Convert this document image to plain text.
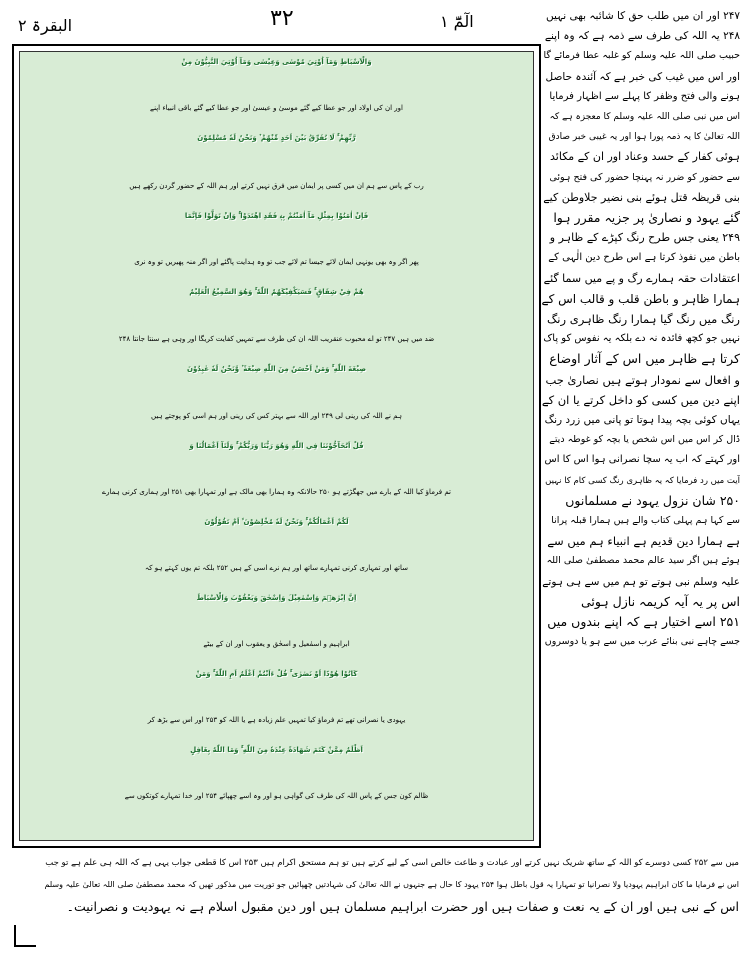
البقرۃ ۲	۳۲	الٓمّٓ ۱
وَالْاَسْبَاطِ وَمَآ اُوْتِيَ مُوْسٰى وَعِيْسٰى وَمَآ اُوْتِيَ النَّبِيُّوْنَ مِنْ
اور ان کی اولاد اور جو عطا کیے گئے موسیٰ و عیسیٰ اور جو عطا کیے گئے باقی انبیاء اپنے
رَّبِّهِمْ ۚ لَا نُفَرِّقُ بَيْنَ اَحَدٍ مِّنْهُمْ ۫ وَنَحْنُ لَهٗ مُسْلِمُوْنَ
رب کے پاس سے ہم ان میں کسی پر ایمان میں فرق نہیں کرتے اور ہم اللہ کے حضور گردن رکھے ہیں
فَاِنْ اٰمَنُوْا بِمِثْلِ مَآ اٰمَنْتُمْ بِهٖ فَقَدِ اهْتَدَوْا ۚ وَاِنْ تَوَلَّوْا فَاِنَّمَا
پھر اگر وہ بھی یونہی ایمان لائے جیسا تم لائے جب تو وہ ہدایت پاگئے اور اگر منہ پھیریں تو وہ نری
هُمْ فِيْ شِقَاقٍ ۚ فَسَيَكْفِيْكَهُمُ اللّٰهُ ۚ وَهُوَ السَّمِيْعُ الْعَلِيْمُ
ضد میں ہیں ۲۴۷ تو اے محبوب عنقریب اللہ ان کی طرف سے تمہیں کفایت کریگا اور وہی ہے سنتا جانتا ۲۴۸
صِبْغَةَ اللّٰهِ ۚ وَمَنْ اَحْسَنُ مِنَ اللّٰهِ صِبْغَةً ۫ وَّنَحْنُ لَهٗ عٰبِدُوْنَ
ہم نے اللہ کی رینی لی ۲۴۹ اور اللہ سے بہتر کس کی رینی اور ہم اسی کو پوجتے ہیں
قُلْ اَتُحَآجُّوْنَنَا فِي اللّٰهِ وَهُوَ رَبُّنَا وَرَبُّكُمْ ۚ وَلَنَآ اَعْمَالُنَا وَ
تم فرماؤ کیا اللہ کے بارے میں جھگڑتے ہو ۲۵۰ حالانکہ وہ ہمارا بھی مالک ہے اور تمہارا بھی ۲۵۱ اور ہماری کرنی ہمارے
لَكُمْ اَعْمَالُكُمْ ۚ وَنَحْنُ لَهٗ مُخْلِصُوْنَ ۙ اَمْ تَقُوْلُوْنَ
ساتھ اور تمہاری کرنی تمہارے ساتھ اور ہم نرے اسی کے ہیں ۲۵۲ بلکہ تم یوں کہتے ہو کہ
اِنَّ اِبْرٰهٖمَ وَاِسْمٰعِيْلَ وَاِسْحٰقَ وَيَعْقُوْبَ وَالْاَسْبَاطَ
ابراہیم و اسمٰعیل و اسحٰق و یعقوب اور ان کے بیٹے
كَانُوْا هُوْدًا اَوْ نَصٰرٰى ۚ قُلْ ءَاَنْتُمْ اَعْلَمُ اَمِ اللّٰهُ ۚ وَمَنْ
یہودی یا نصرانی تھے تم فرماؤ کیا تمہیں علم زیادہ ہے یا اللہ کو ۲۵۳ اور اس سے بڑھ کر
اَظْلَمُ مِمَّنْ كَتَمَ شَهَادَةً عِنْدَهٗ مِنَ اللّٰهِ ۚ وَمَا اللّٰهُ بِغَافِلٍ
ظالم کون جس کے پاس اللہ کی طرف کی گواہی ہو اور وہ اسے چھپائے ۲۵۴ اور خدا تمہارے کوتکوں سے

۲۴۷ اور ان میں طلب حق کا شائبہ بھی نہیں

۲۴۸ یہ اللہ کی طرف سے ذمہ ہے کہ وہ اپنے

حبیب صلی اللہ علیہ وسلم کو غلبہ عطا فرمائے گا

اور اس میں غیب کی خبر ہے کہ آئندہ حاصل

ہونے والی فتح وظفر کا پہلے سے اظہار فرمایا

اس میں نبی صلی اللہ علیہ وسلم کا معجزہ ہے کہ

اللہ تعالیٰ کا یہ ذمہ پورا ہوا اور یہ غیبی خبر صادق

ہوئی کفار کے حسد وعناد اور ان کے مکائد

سے حضور کو ضرر نہ پہنچا حضور کی فتح ہوئی

بنی قریظہ قتل ہوئے بنی نضیر جلاوطن کیے

گئے یہود و نصاریٰ پر جزیہ مقرر ہوا

۲۴۹ یعنی جس طرح رنگ کپڑے کے ظاہر و

باطن میں نفوذ کرتا ہے اس طرح دین الٰہی کے

اعتقادات حقہ ہمارے رگ و پے میں سما گئے

ہمارا ظاہر و باطن قلب و قالب اس کے

رنگ میں رنگ گیا ہمارا رنگ ظاہری رنگ

نہیں جو کچھ فائدہ نہ دے بلکہ یہ نفوس کو پاک

کرتا ہے ظاہر میں اس کے آثار اوضاع

و افعال سے نمودار ہوتے ہیں نصاریٰ جب

اپنے دین میں کسی کو داخل کرتے یا ان کے

یہاں کوئی بچہ پیدا ہوتا تو پانی میں زرد رنگ

ڈال کر اس میں اس شخص یا بچہ کو غوطہ دیتے

اور کہتے کہ اب یہ سچا نصرانی ہوا اس کا اس

آیت میں رد فرمایا کہ یہ ظاہری رنگ کسی کام کا نہیں

۲۵۰ شان نزول یہود نے مسلمانوں

سے کہا ہم پہلی کتاب والے ہیں ہمارا قبلہ پرانا

ہے ہمارا دین قدیم ہے انبیاء ہم میں سے

ہوئے ہیں اگر سید عالم محمد مصطفیٰ صلی اللہ

علیہ وسلم نبی ہوتے تو ہم میں سے ہی ہوتے

اس پر یہ آیہ کریمہ نازل ہوئی

۲۵۱ اسے اختیار ہے کہ اپنے بندوں میں

جسے چاہے نبی بنائے عرب میں سے ہو یا دوسروں

میں سے ۲۵۲ کسی دوسرے کو اللہ کے ساتھ شریک نہیں کرتے اور عبادت و طاعت خالص اسی کے لیے کرتے ہیں تو ہم مستحق اکرام ہیں ۲۵۳ اس کا قطعی جواب یہی ہے کہ اللہ ہی علم ہے تو جب

اس نے فرمایا ما کان ابراہیم یہودیا ولا نصرانیا تو تمہارا یہ قول باطل ہوا ۲۵۴ یہود کا حال ہے جنہوں نے اللہ تعالیٰ کی شہادتیں چھپائیں جو توریت میں مذکور تھیں کہ محمد مصطفیٰ صلی اللہ تعالیٰ علیہ وسلم

اس کے نبی ہیں اور ان کے یہ نعت و صفات ہیں اور حضرت ابراہیم مسلمان ہیں اور دین مقبول اسلام ہے نہ یہودیت و نصرانیت۔
